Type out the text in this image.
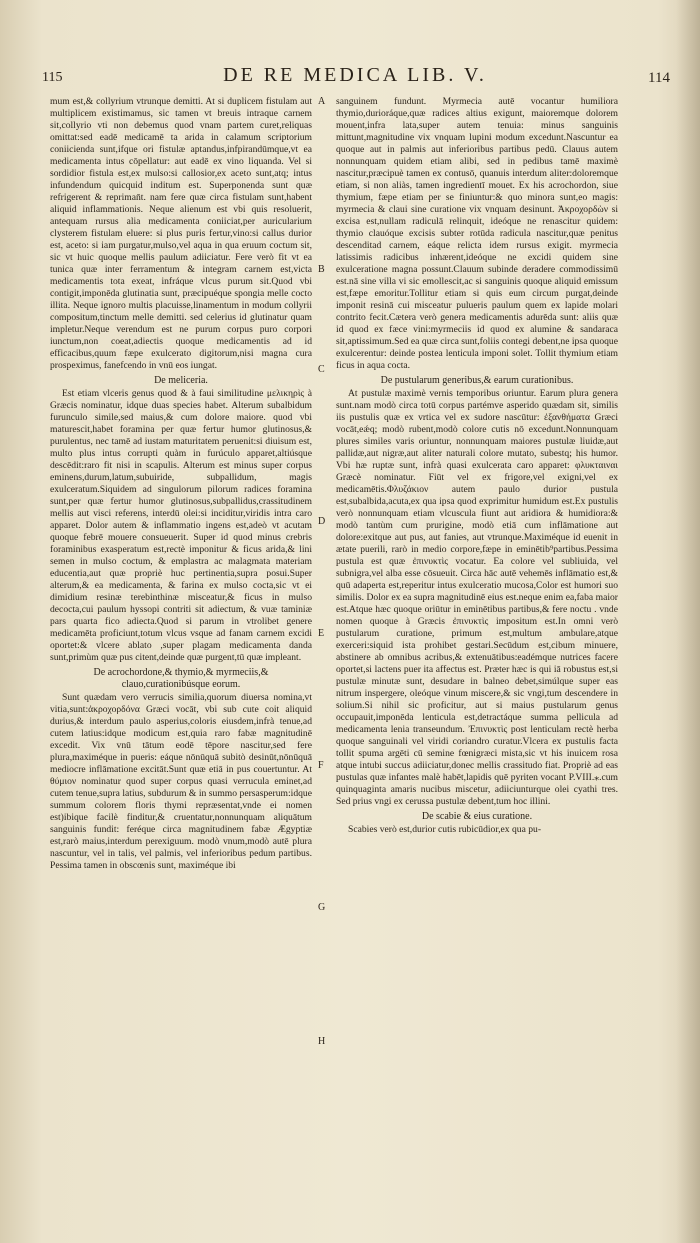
115	DE RE MEDICA LIB. V.	114

mum est,& collyrium vtrunque demitti. At si duplicem fistulam aut multiplicem existimamus, sic tamen vt breuis intraque carnem sit,collyrio vti non debemus quod vnam partem curet,reliquas omittat:sed eadē medicamē ta arida in calamum scriptorium coniicienda sunt,ifque ori fistulæ aptandus,infpirandūmque,vt ea medicamenta intus cōpellatur: aut eadē ex vino liquanda. Vel si sordidior fistula est,ex mulso:si callosior,ex aceto sunt,atq; intus infundendum quicquid inditum est. Superponenda sunt quæ refrigerent & repriman̄t. nam fere quæ circa fistulam sunt,habent aliquid inflammationis. Neque alienum est vbi quis resoluerit, antequam rursus alia medicamenta coniiciat,per auricularium clysterem fistulam eluere: si plus puris fertur,vino:si callus durior est, aceto: si iam purgatur,mulso,vel aqua in qua eruum coctum sit, sic vt huic quoque mellis paulum adiiciatur. Fere verò fit vt ea tunica quæ inter ferramentum & integram carnem est,victa medicamentis tota exeat, infráque vlcus purum sit.Quod vbi contigit,imponēda glutinatia sunt, præcipuéque spongia melle cocto illita. Neque ignoro multis placuisse,linamentum in modum collyrii compositum,tinctum melle demitti. sed celerius id glutinatur quam impletur.Neque verendum est ne purum corpus puro corpori iunctum,non coeat,adiectis quoque medicamentis ad id efficacibus,quum fæpe exulcerato digitorum,nisi magna cura prospeximus, fanefcendo in vnū eos iungat.

De meliceria.

Est etiam vlceris genus quod & à faui similitudine μελικηρὶς à Græcis nominatur, idque duas species habet. Alterum subalbidum furunculo simile,sed maius,& cum dolore maiore. quod vbi maturescit,habet foramina per quæ fertur humor glutinosus,& purulentus, nec tamē ad iustam maturitatem peruenit:si diuisum est, multo plus intus corrupti quàm in furúculo apparet,altiúsque descēdit:raro fit nisi in scapulis. Alterum est minus super corpus eminens,durum,latum,subuiride, subpallidum, magis exulceratum.Siquidem ad singulorum pilorum radices foramina sunt,per quæ fertur humor glutinosus,subpallidus,crassitudinem mellis aut visci referens, interdū olei:si inciditur,viridis intra caro apparet. Dolor autem & inflammatio ingens est,adeò vt acutam quoque febrē mouere consueuerit. Super id quod minus crebris foraminibus exasperatum est,rectè imponitur & ficus arida,& lini semen in mulso coctum, & emplastra ac malagmata materiam educentia,aut quæ propriè huc pertinentia,supra posui.Super alterum,& ea medicamenta, & farina ex mulso cocta,sic vt ei dimidium resinæ terebinthinæ misceatur,& ficus in mulso decocta,cui paulum hyssopi contriti sit adiectum, & vuæ taminiæ pars quarta fico adiecta.Quod si parum in vtrolibet genere medicamēta proficiunt,totum vlcus vsque ad fanam carnem excidi oportet:& vlcere ablato ,super plagam medicamenta danda sunt,primùm quæ pus citent,deinde quæ purgent,tū quæ impleant.

De acrochordone,& thymio,& myrmeciis,& clauo,curationibúsque eorum.

Sunt quædam vero verrucis similia,quorum diuersa nomina,vt vitia,sunt:ἀκροχορδόνα Græci vocāt, vbi sub cute coit aliquid durius,& interdum paulo asperius,coloris eiusdem,infrà tenue,ad cutem latius:idque modicum est,quia raro fabæ magnitudinē excedit. Vix vnū tātum eodē tēpore nascitur,sed fere plura,maximéque in pueris: eáque nōnūquā subitò desinūt,nōnūquā mediocre inflāmatione excitāt.Sunt quæ etiā in pus couertuntur. At θύμιον nominatur quod super corpus quasi verrucula eminet,ad cutem tenue,supra latius, subdurum & in summo persasperum:idque summum colorem floris thymi repræsentat,vnde ei nomen est)ibique facilè finditur,& cruentatur,nonnunquam aliquātum sanguinis fundit: feréque circa magnitudinem fabæ Ægyptiæ est,rarò maius,interdum perexiguum. modò vnum,modò autē plura nascuntur, vel in talis, vel palmis, vel inferioribus pedum partibus. Pessima tamen in obscœnis sunt, maximéque ibi

A
B
C
D
E
F
G
H

sanguinem fundunt. Myrmecia autē vocantur humiliora thymio,durioráque,quæ radices altius exigunt, maioremque dolorem mouent,infra lata,super autem tenuia: minus sanguinis mittunt,magnitudine vix vnquam lupini modum excedunt.Nascuntur ea quoque aut in palmis aut inferioribus partibus pedū. Clauus autem nonnunquam quidem etiam alibi, sed in pedibus tamē maximè nascitur,præcipuè tamen ex contusō, quanuis interdum aliter:doloremque etiam, si non aliàs, tamen ingredientī mouet. Ex his acrochordon, siue thymium, fæpe etiam per se finiuntur:& quo minora sunt,eo magis: myrmecia & claui sine curatione vix vnquam desinunt. Ἀκροχορδὼν si excisa est,nullam radiculā relinquit, ideóque ne renascitur quidem: thymio clauóque excisis subter rotūda radicula nascitur,quæ penitus descenditad carnem, eáque relicta idem rursus exigit. myrmecia latissimis radicibus inhærent,ideóque ne excidi quidem sine exulceratione magna possunt.Clauum subinde deradere commodissimū est.nā sine villa vi sic emollescit,ac si sanguinis quoque aliquid emissum est,fæpe emoritur.Tollitur etiam si quis eum circum purgat,deinde imponit resinā cui misceatur pulueris paulum quem ex lapide molari contrito fecit.Cætera verò genera medicamentis adurēda sunt: aliis quæ id quod ex fæce vini:myrmeciis id quod ex alumine & sandaraca sit,aptissimum.Sed ea quæ circa sunt,foliis contegi debent,ne ipsa quoque exulcerentur: deinde postea lenticula imponi solet. Tollit thymium etiam ficus in aqua cocta.

De pustularum generibus,& earum curationibus.

At pustulæ maximè vernis temporibus oriuntur. Earum plura genera sunt.nam modò circa totū corpus partémve asperido quædam sit, similis iis pustulis quæ ex vrtica vel ex sudore nascūtur: ἐξανθήματα Græci vocāt,eǽq; modò rubent,modò colore cutis nō excedunt.Nonnunquam plures similes varis oriuntur, nonnunquam maiores pustulæ liuidæ,aut pallidæ,aut nigræ,aut aliter naturali colore mutato, subestq; his humor. Vbi hæ ruptæ sunt, infrà quasi exulcerata caro apparet: φλυκταιναι Græcè nominatur. Fiūt vel ex frigore,vel exigni,vel ex medicamētis.Φλυζάκιον autem paulo durior pustula est,subalbida,acuta,ex qua ipsa quod exprimitur humidum est.Ex pustulis verò nonnunquam etiam vlcuscula fiunt aut aridiora & humidiora:& modò tantùm cum prurigine, modò etiā cum inflāmatione aut dolore:exitque aut pus, aut fanies, aut vtrunque.Maximéque id euenit in ætate puerili, rarò in medio corpore,fæpe in eminētib⁹partibus.Pessima pustula est quæ ἐπινυκτὶς vocatur. Ea colore vel subliuida, vel subnigra,vel alba esse cōsueuit. Circa hāc autē vehemēs inflāmatio est,& quū adaperta est,reperitur intus exulceratio mucosa,Color est humori suo similis. Dolor ex ea supra magnitudinē eius est.neque enim ea,faba maior est.Atque hæc quoque oriūtur in eminētibus partibus,& fere noctu . vnde nomen quoque à Græcis ἐπινυκτὶς impositum est.In omni verò pustularum curatione, primum est,multum ambulare,atque exerceri:siquid ista prohibet gestari.Secūdum est,cibum minuere, abstinere ab omnibus acribus,& extenuātibus:eadémque nutrices facere oportet,si lactens puer ita affectus est. Præter hæc is qui iā robustus est,si pustulæ minutæ sunt, desudare in balneo debet,simúlque super eas nitrum inspergere, oleóque vinum miscere,& sic vngi,tum descendere in solium.Si nihil sic proficitur, aut si maius pustularum genus occupauit,imponēda lenticula est,detractáque summa pellicula ad medicamenta lenia transeundum. Ἐπινυκτὶς post lenticulam rectè herba quoque sanguinali vel viridi coriandro curatur.Vlcera ex pustulis facta tollit spuma argēti cū semine fœnigræci mista,sic vt his inuicem rosa atque intubi succus adiiciatur,donec mellis crassitudo fiat. Propriè ad eas pustulas quæ infantes malè habēt,lapidis quē pyriten vocant P.VIII.⁎.cum quinquaginta amaris nucibus miscetur, adiiciunturque olei cyathi tres. Sed prius vngi ex cerussa pustulæ debent,tum hoc illini.

De scabie & eius curatione.

Scabies verò est,durior cutis rubicūdior,ex qua pu-
